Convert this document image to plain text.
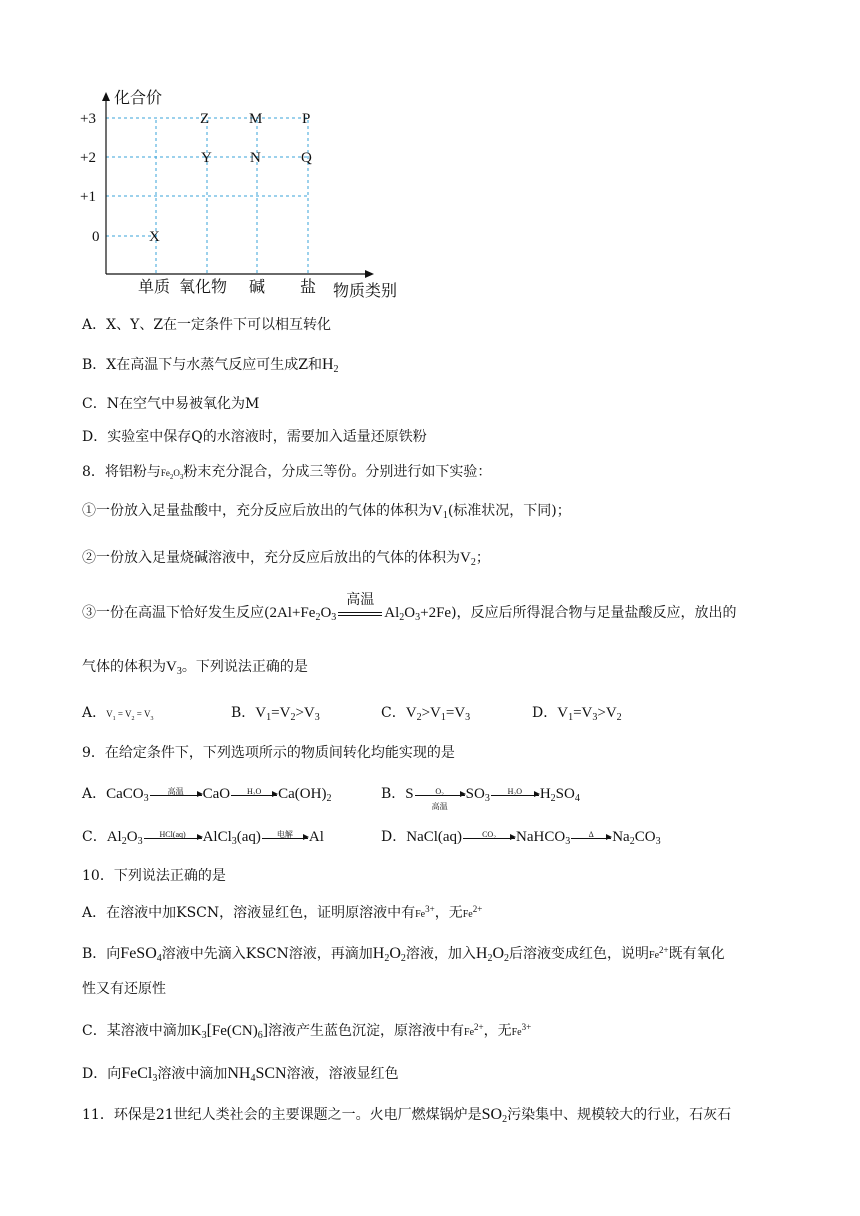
化合价
+3
+2
+1
0
单质 氧化物 碱 盐 物质类别
X
Y
Z
N
M
Q
P
A．X、Y、Z在一定条件下可以相互转化
B．X在高温下与水蒸气反应可生成Z和$H_2$
C．N在空气中易被氧化为M
D．实验室中保存Q的水溶液时，需要加入适量还原铁粉
8．将铝粉与$Fe_2O_3$粉末充分混合，分成三等份。分别进行如下实验：
①一份放入足量盐酸中，充分反应后放出的气体的体积为$V_1$(标准状况，下同)；
②一份放入足量烧碱溶液中，充分反应后放出的气体的体积为$V_2$；
③一份在高温下恰好发生反应($2Al+Fe_2O_3$
高温
$Al_2O_3+2Fe$)，反应后所得混合物与足量盐酸反应，放出的
气体的体积为$V_3$。下列说法正确的是
A．$V_1 = V_2 = V_3$	B．$V_1=V_2>V_3$	C．$V_2>V_1=V_3$	D．$V_1=V_3>V_2$
9．在给定条件下，下列选项所示的物质间转化均能实现的是
A．CaCO$_3$
高温	CaO	H₂O	$Ca(OH)_2$	B．S	O₂
高温
$SO_3$
H₂O	$H_2SO_4$
C．$Al_2O_3$
HCl(aq)	AlCl$_3$(aq)	电解	Al	D．NaCl(aq)	CO₂	NaHCO$_3$
Δ	$Na_2CO_3$
10．下列说法正确的是
A．在溶液中加KSCN，溶液显红色，证明原溶液中有$Fe^{3+}$，无$Fe^{2+}$
B．向FeSO$_4$溶液中先滴入KSCN溶液，再滴加$H_2O_2$溶液，加入$H_2O_2$后溶液变成红色，说明$Fe^{2+}$既有氧化
性又有还原性
C．某溶液中滴加$K_3[Fe(CN)_6]$溶液产生蓝色沉淀，原溶液中有$Fe^{2+}$，无$Fe^{3+}$
D．向FeCl$_3$溶液中滴加$NH_4SCN$溶液，溶液显红色
11．环保是21世纪人类社会的主要课题之一。火电厂燃煤锅炉是$SO_2$污染集中、规模较大的行业，石灰石
